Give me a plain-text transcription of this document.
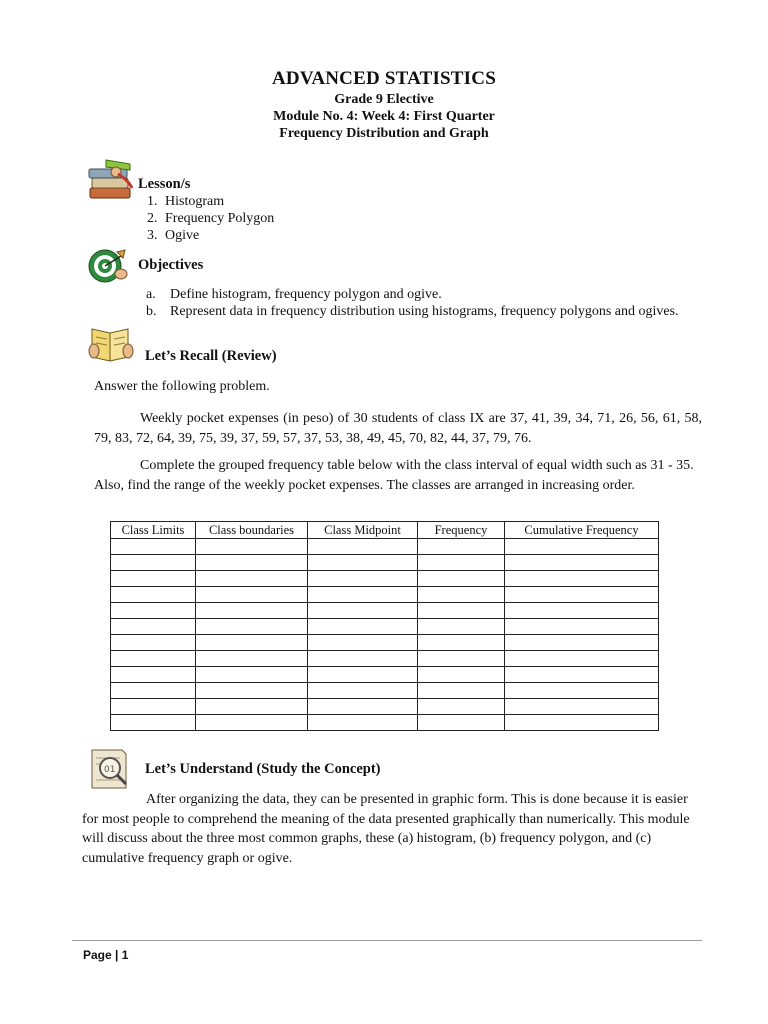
ADVANCED STATISTICS
Grade 9 Elective
Module No. 4: Week 4: First Quarter
Frequency Distribution and Graph
Lesson/s
1. Histogram
2. Frequency Polygon
3. Ogive
Objectives
a. Define histogram, frequency polygon and ogive.
b. Represent data in frequency distribution using histograms, frequency polygons and ogives.
Let’s Recall (Review)
Answer the following problem.
Weekly pocket expenses (in peso) of 30 students of class IX are 37, 41, 39, 34, 71, 26, 56, 61, 58, 79, 83, 72, 64, 39, 75, 39, 37, 59, 57, 37, 53, 38, 49, 45, 70, 82, 44, 37, 79, 76.
Complete the grouped frequency table below with the class interval of equal width such as 31 - 35. Also, find the range of the weekly pocket expenses. The classes are arranged in increasing order.
Class Limits	Class boundaries	Class Midpoint	Frequency	Cumulative Frequency

01 Let’s Understand (Study the Concept)
After organizing the data, they can be presented in graphic form. This is done because it is easier for most people to comprehend the meaning of the data presented graphically than numerically. This module will discuss about the three most common graphs, these (a) histogram, (b) frequency polygon, and (c) cumulative frequency graph or ogive.
Page | 1
